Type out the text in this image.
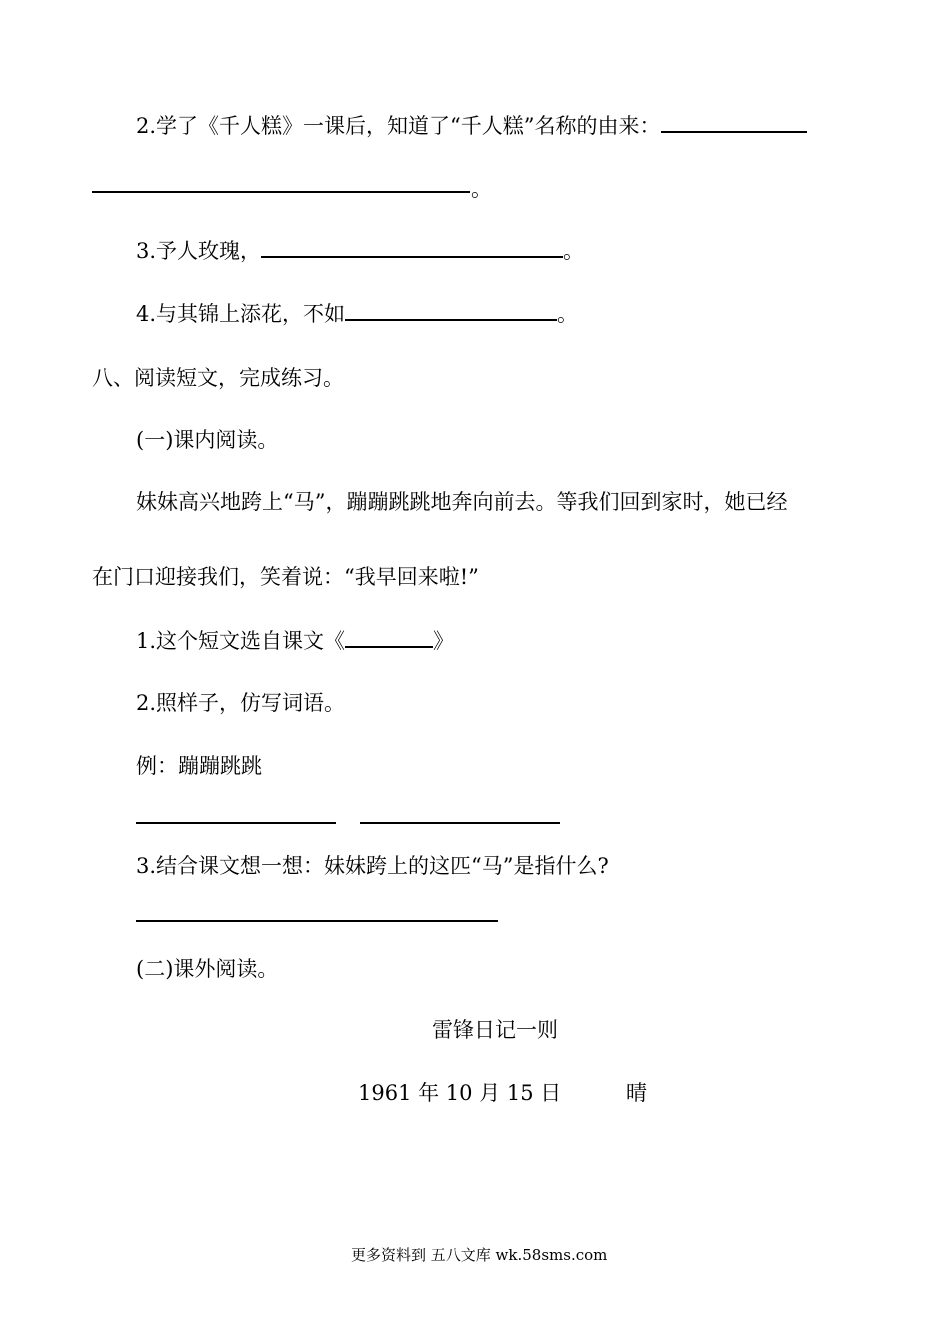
2.学了《千人糕》一课后，知道了“千人糕”名称的由来：
。
3.予人玫瑰，	。
4.与其锦上添花，不如	。
八、阅读短文，完成练习。
(一)课内阅读。
妹妹高兴地跨上“马”，蹦蹦跳跳地奔向前去。等我们回到家时，她已经
在门口迎接我们，笑着说：“我早回来啦!”
1.这个短文选自课文《	》
2.照样子，仿写词语。
例：蹦蹦跳跳
3.结合课文想一想：妹妹跨上的这匹“马”是指什么?
(二)课外阅读。
雷锋日记一则
1961 年 10 月 15 日	晴
更多资料到 五八文库 wk.58sms.com
